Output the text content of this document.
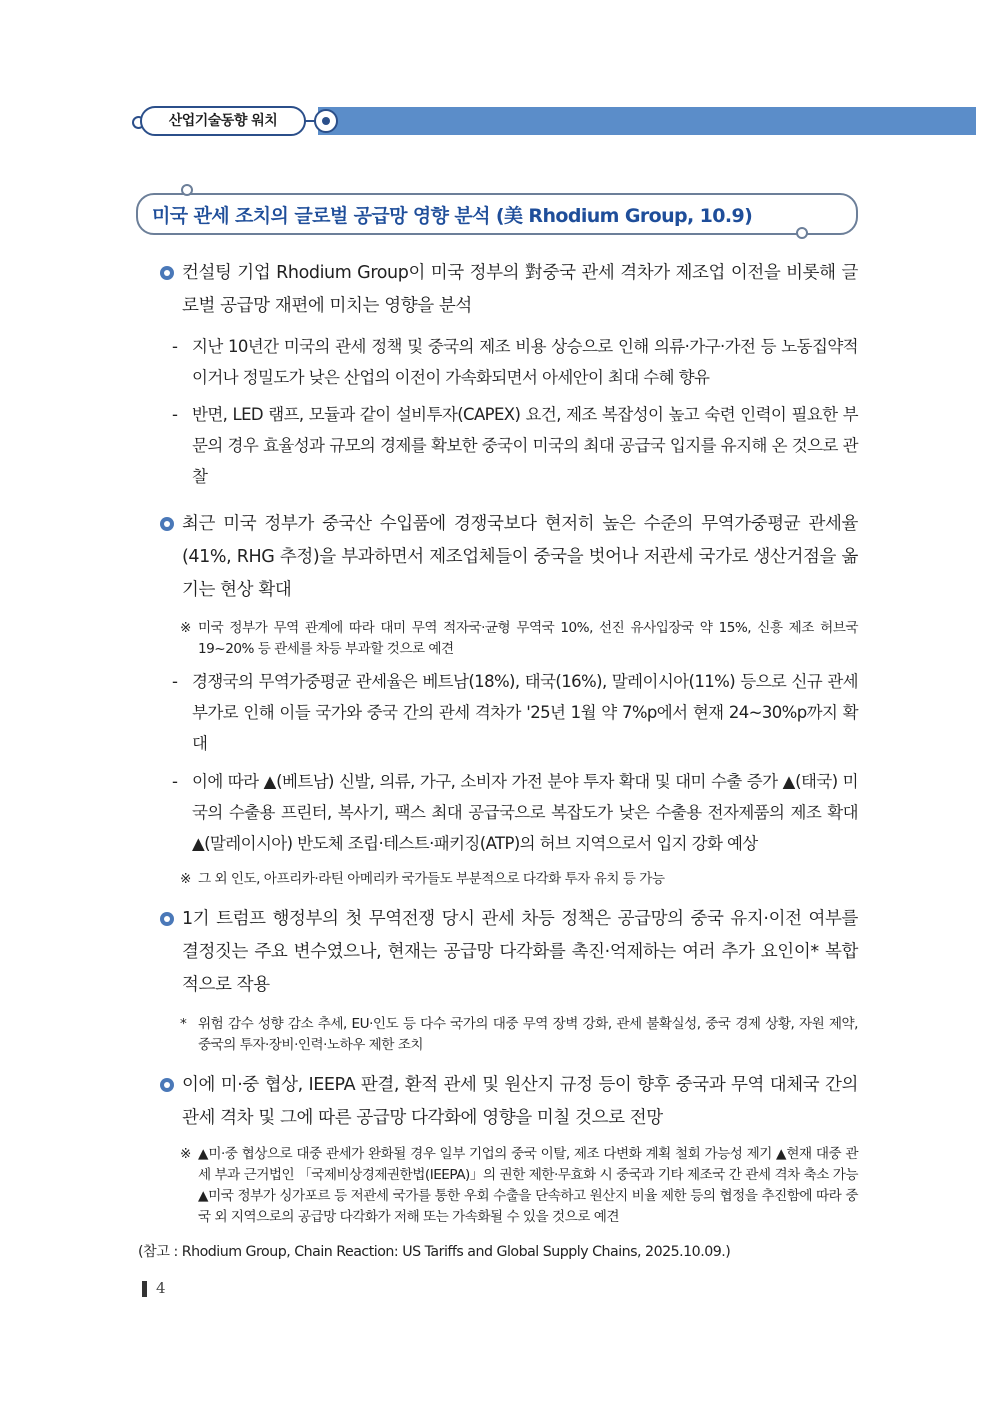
산업기술동향 워치
미국 관세 조치의 글로벌 공급망 영향 분석 (美 Rhodium Group, 10.9)
컨설팅 기업 Rhodium Group이 미국 정부의 對중국 관세 격차가 제조업 이전을 비롯해 글로벌 공급망 재편에 미치는 영향을 분석
- 지난 10년간 미국의 관세 정책 및 중국의 제조 비용 상승으로 인해 의류·가구·가전 등 노동집약적이거나 정밀도가 낮은 산업의 이전이 가속화되면서 아세안이 최대 수혜 향유
- 반면, LED 램프, 모듈과 같이 설비투자(CAPEX) 요건, 제조 복잡성이 높고 숙련 인력이 필요한 부문의 경우 효율성과 규모의 경제를 확보한 중국이 미국의 최대 공급국 입지를 유지해 온 것으로 관찰
최근 미국 정부가 중국산 수입품에 경쟁국보다 현저히 높은 수준의 무역가중평균 관세율(41%, RHG 추정)을 부과하면서 제조업체들이 중국을 벗어나 저관세 국가로 생산거점을 옮기는 현상 확대
※ 미국 정부가 무역 관계에 따라 대미 무역 적자국·균형 무역국 10%, 선진 유사입장국 약 15%, 신흥 제조 허브국 19~20% 등 관세를 차등 부과할 것으로 예견
- 경쟁국의 무역가중평균 관세율은 베트남(18%), 태국(16%), 말레이시아(11%) 등으로 신규 관세 부가로 인해 이들 국가와 중국 간의 관세 격차가 '25년 1월 약 7%p에서 현재 24~30%p까지 확대
- 이에 따라 ▲(베트남) 신발, 의류, 가구, 소비자 가전 분야 투자 확대 및 대미 수출 증가 ▲(태국) 미국의 수출용 프린터, 복사기, 팩스 최대 공급국으로 복잡도가 낮은 수출용 전자제품의 제조 확대 ▲(말레이시아) 반도체 조립·테스트·패키징(ATP)의 허브 지역으로서 입지 강화 예상
※ 그 외 인도, 아프리카·라틴 아메리카 국가들도 부분적으로 다각화 투자 유치 등 가능
1기 트럼프 행정부의 첫 무역전쟁 당시 관세 차등 정책은 공급망의 중국 유지·이전 여부를 결정짓는 주요 변수였으나, 현재는 공급망 다각화를 촉진·억제하는 여러 추가 요인이* 복합적으로 작용
* 위험 감수 성향 감소 추세, EU·인도 등 다수 국가의 대중 무역 장벽 강화, 관세 불확실성, 중국 경제 상황, 자원 제약, 중국의 투자·장비·인력·노하우 제한 조치
이에 미·중 협상, IEEPA 판결, 환적 관세 및 원산지 규정 등이 향후 중국과 무역 대체국 간의 관세 격차 및 그에 따른 공급망 다각화에 영향을 미칠 것으로 전망
※ ▲미·중 협상으로 대중 관세가 완화될 경우 일부 기업의 중국 이탈, 제조 다변화 계획 철회 가능성 제기 ▲현재 대중 관세 부과 근거법인 「국제비상경제권한법(IEEPA)」의 권한 제한·무효화 시 중국과 기타 제조국 간 관세 격차 축소 가능 ▲미국 정부가 싱가포르 등 저관세 국가를 통한 우회 수출을 단속하고 원산지 비율 제한 등의 협정을 추진함에 따라 중국 외 지역으로의 공급망 다각화가 저해 또는 가속화될 수 있을 것으로 예견
(참고 : Rhodium Group, Chain Reaction: US Tariffs and Global Supply Chains, 2025.10.09.)
4
